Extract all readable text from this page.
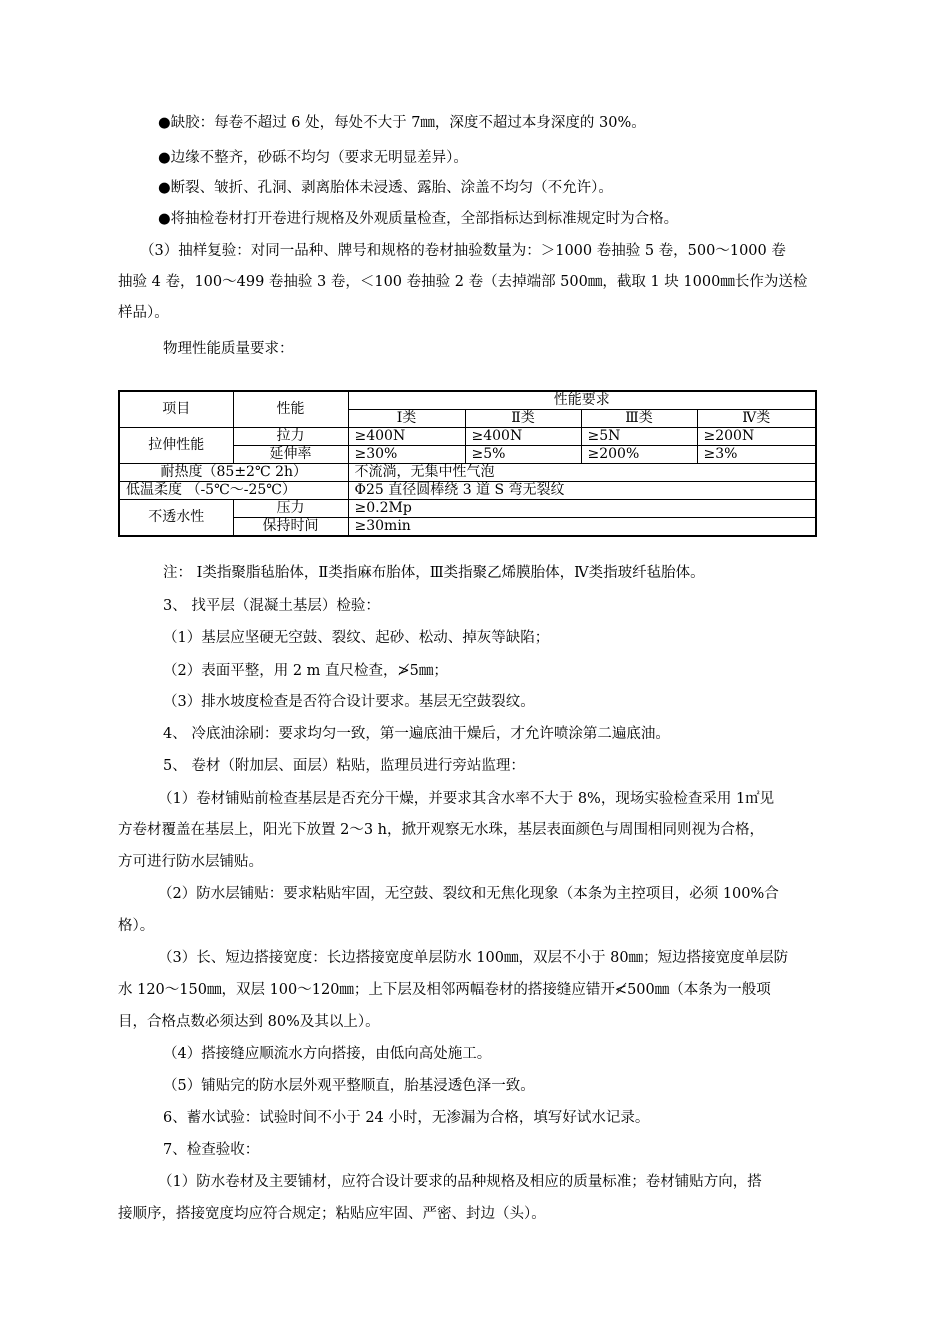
●缺胶：每卷不超过 6 处，每处不大于 7㎜，深度不超过本身深度的 30%。
●边缘不整齐，砂砾不均匀（要求无明显差异）。
●断裂、皱折、孔洞、剥离胎体未浸透、露胎、涂盖不均匀（不允许）。
●将抽检卷材打开卷进行规格及外观质量检查，全部指标达到标准规定时为合格。
（3）抽样复验：对同一品种、牌号和规格的卷材抽验数量为：＞1000 卷抽验 5 卷，500～1000 卷
抽验 4 卷，100～499 卷抽验 3 卷，＜100 卷抽验 2 卷（去掉端部 500㎜，截取 1 块 1000㎜长作为送检
样品）。
物理性能质量要求：
项目	性能	性能要求			
		Ⅰ类	Ⅱ类	Ⅲ类	Ⅳ类
拉伸性能	拉力	≥400N	≥400N	≥5N	≥200N
	延伸率	≥30%	≥5%	≥200%	≥3%
耐热度（85±2℃ 2h）		不流淌，无集中性气泡			
低温柔度 （-5℃～-25℃）		Φ25 直径圆棒绕 3 道 S 弯无裂纹			
不透水性	压力	≥0.2Mp			
	保持时间	≥30min			
注： Ⅰ类指聚脂毡胎体，Ⅱ类指麻布胎体，Ⅲ类指聚乙烯膜胎体，Ⅳ类指玻纤毡胎体。
3、 找平层（混凝土基层）检验：
（1）基层应坚硬无空鼓、裂纹、起砂、松动、掉灰等缺陷；
（2）表面平整，用 2 m 直尺检查，≯5㎜；
（3）排水坡度检查是否符合设计要求。基层无空鼓裂纹。
4、 冷底油涂刷：要求均匀一致，第一遍底油干燥后，才允许喷涂第二遍底油。
5、 卷材（附加层、面层）粘贴，监理员进行旁站监理：
（1）卷材铺贴前检查基层是否充分干燥，并要求其含水率不大于 8%，现场实验检查采用 1㎡见
方卷材覆盖在基层上，阳光下放置 2～3 h，掀开观察无水珠，基层表面颜色与周围相同则视为合格，
方可进行防水层铺贴。
（2）防水层铺贴：要求粘贴牢固，无空鼓、裂纹和无焦化现象（本条为主控项目，必须 100%合
格）。
（3）长、短边搭接宽度：长边搭接宽度单层防水 100㎜，双层不小于 80㎜；短边搭接宽度单层防
水 120～150㎜，双层 100～120㎜；上下层及相邻两幅卷材的搭接缝应错开≮500㎜（本条为一般项
目，合格点数必须达到 80%及其以上）。
（4）搭接缝应顺流水方向搭接，由低向高处施工。
（5）铺贴完的防水层外观平整顺直，胎基浸透色泽一致。
6、蓄水试验：试验时间不小于 24 小时，无渗漏为合格，填写好试水记录。
7、检查验收：
（1）防水卷材及主要铺材，应符合设计要求的品种规格及相应的质量标准；卷材铺贴方向，搭
接顺序，搭接宽度均应符合规定；粘贴应牢固、严密、封边（头）。
